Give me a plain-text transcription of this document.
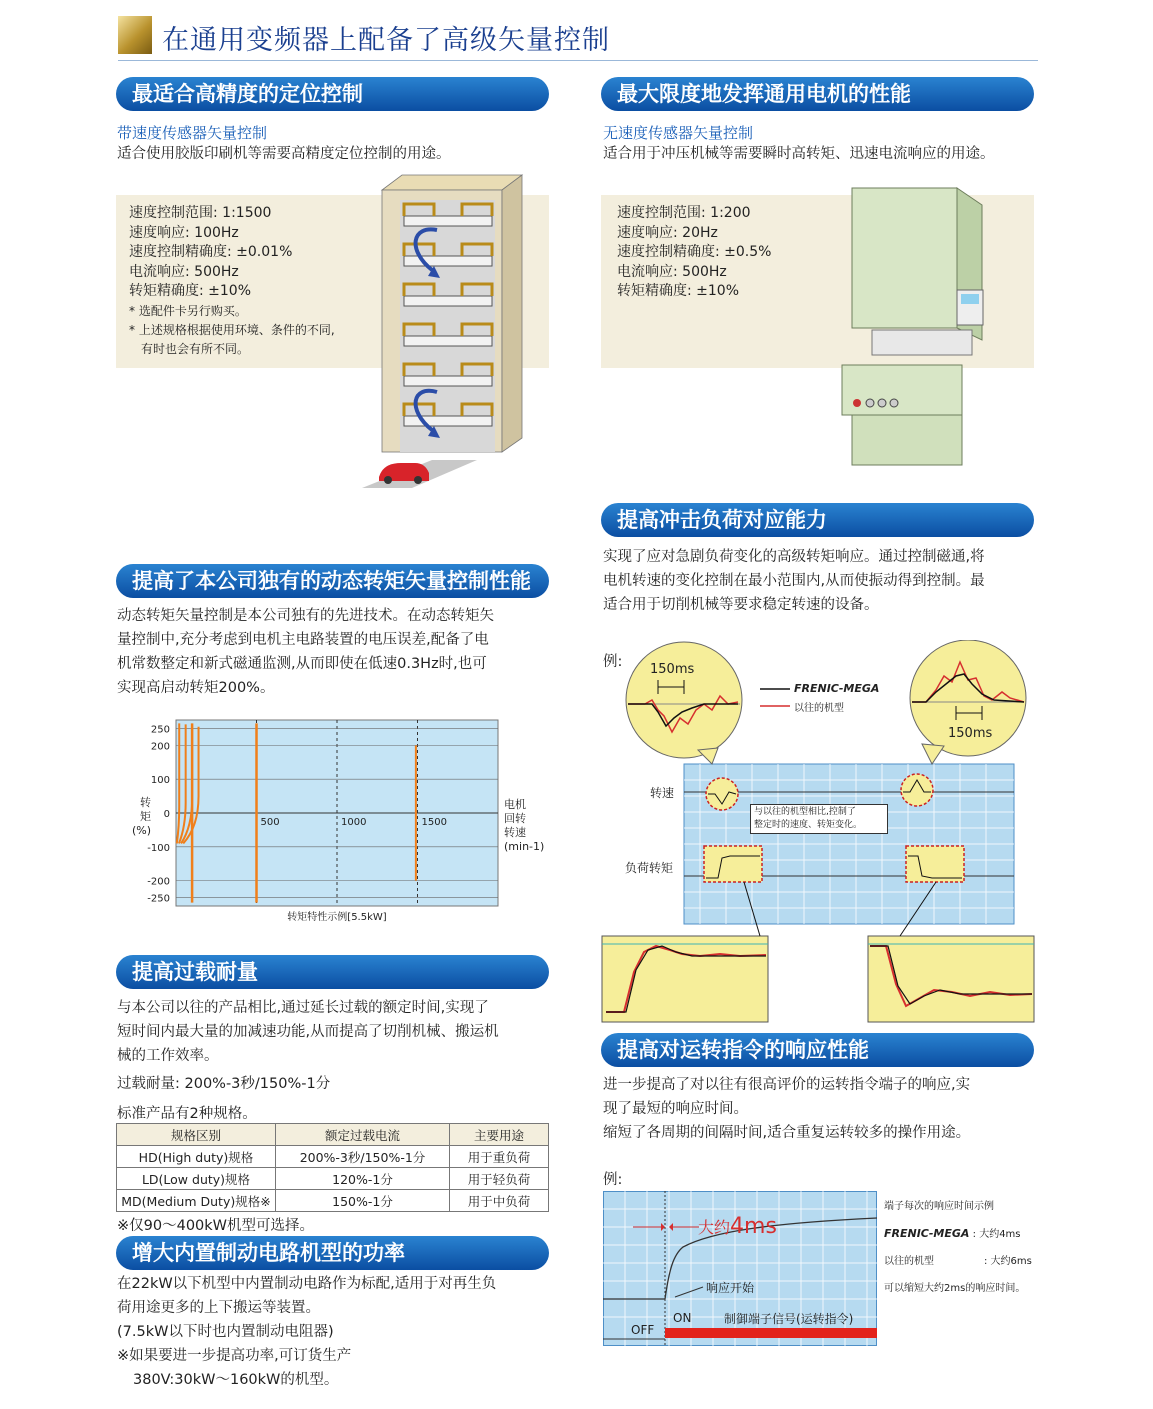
在通用变频器上配备了高级矢量控制
最适合高精度的定位控制
带速度传感器矢量控制
适合使用胶版印刷机等需要高精度定位控制的用途。
速度控制范围: 1:1500
速度响应: 100Hz
速度控制精确度: ±0.01%
电流响应: 500Hz
转矩精确度: ±10%
* 选配件卡另行购买。
* 上述规格根据使用环境、条件的不同,
有时也会有所不同。
最大限度地发挥通用电机的性能
无速度传感器矢量控制
适合用于冲压机械等需要瞬时高转矩、迅速电流响应的用途。
速度控制范围: 1:200
速度响应: 20Hz
速度控制精确度: ±0.5%
电流响应: 500Hz
转矩精确度: ±10%
提高冲击负荷对应能力
实现了应对急剧负荷变化的高级转矩响应。通过控制磁通,将
电机转速的变化控制在最小范围内,从而使振动得到控制。最
适合用于切削机械等要求稳定转速的设备。
例: 150ms
150ms
FRENIC-MEGA
以往的机型
转速
负荷转矩
与以往的机型相比,控制了
整定时的速度、转矩变化。
提高了本公司独有的动态转矩矢量控制性能
动态转矩矢量控制是本公司独有的先进技术。在动态转矩矢
量控制中,充分考虑到电机主电路装置的电压误差,配备了电
机常数整定和新式磁通监测,从而即使在低速0.3Hz时,也可
实现高启动转矩200%。
500	1000	1500
250
200
100
0
-100
-200
-250
转
矩
(%)
电机
回转
转速
(min-1)
转矩特性示例[5.5kW]
提高过载耐量
与本公司以往的产品相比,通过延长过载的额定时间,实现了
短时间内最大量的加减速功能,从而提高了切削机械、搬运机
械的工作效率。
过载耐量: 200%-3秒/150%-1分
标准产品有2种规格。
规格区别	额定过载电流	主要用途
HD(High duty)规格	200%-3秒/150%-1分	用于重负荷
LD(Low duty)规格	120%-1分	用于轻负荷
MD(Medium Duty)规格※	150%-1分	用于中负荷
※仅90～400kW机型可选择。
增大内置制动电路机型的功率
在22kW以下机型中内置制动电路作为标配,适用于对再生负
荷用途更多的上下搬运等装置。
(7.5kW以下时也内置制动电阻器)
※如果要进一步提高功率,可订货生产
380V:30kW～160kW的机型。
提高对运转指令的响应性能
进一步提高了对以往有很高评价的运转指令端子的响应,实
现了最短的响应时间。
缩短了各周期的间隔时间,适合重复运转较多的操作用途。
例:
大约4ms
响应开始
ON
OFF
制御端子信号(运转指令)
端子每次的响应时间示例
FRENIC-MEGA : 大约4ms
以往的机型	: 大约6ms
可以缩短大约2ms的响应时间。
